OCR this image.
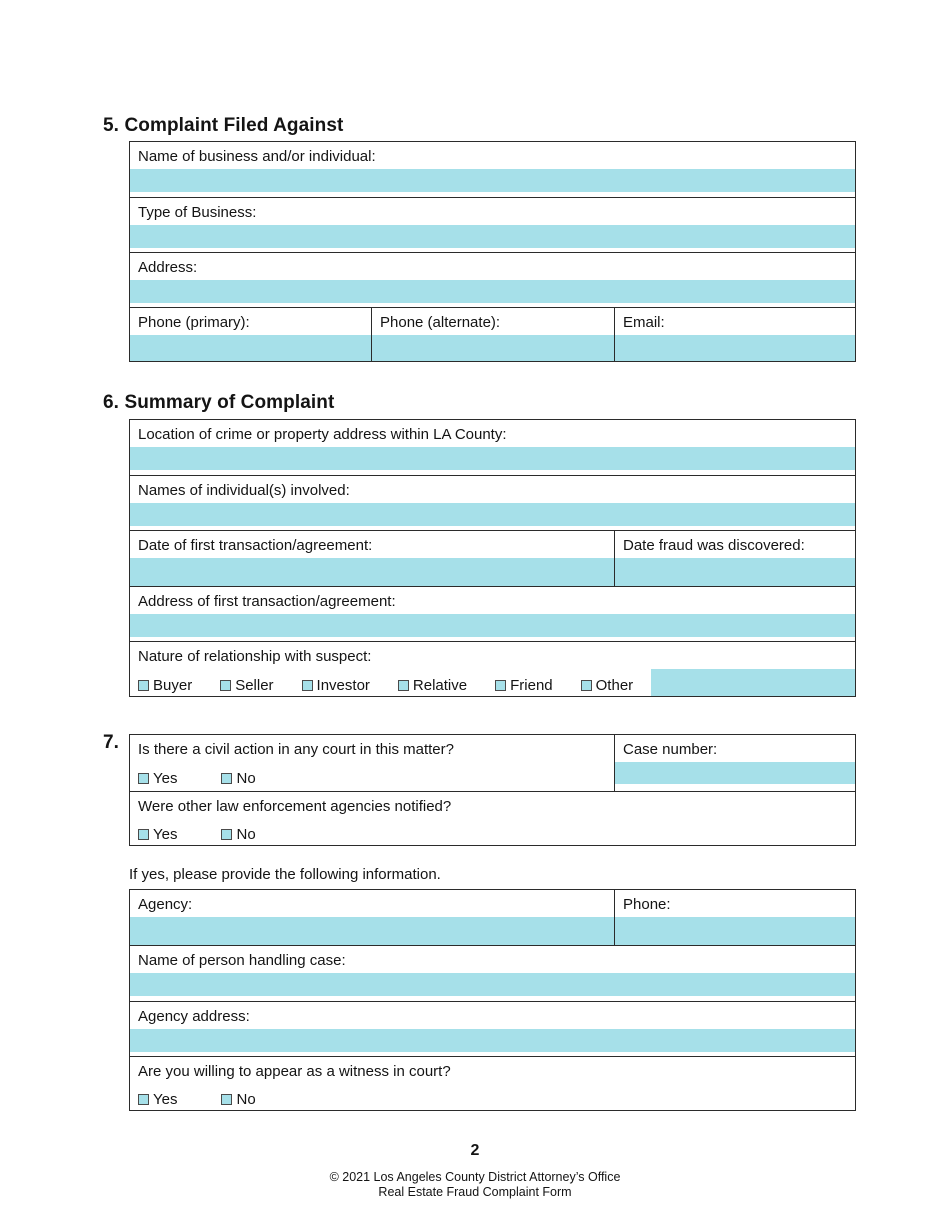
5. Complaint Filed Against
Name of business and/or individual:
Type of Business:
Address:
Phone (primary):	Phone (alternate):	Email:
6. Summary of Complaint
Location of crime or property address within LA County:
Names of individual(s) involved:
Date of first transaction/agreement:	Date fraud was discovered:
Address of first transaction/agreement:
Nature of relationship with suspect:
Buyer	Seller	Investor	Relative	Friend	Other
7.	Is there a civil action in any court in this matter?
Yes	No
Case number:
Were other law enforcement agencies notified?
Yes	No
If yes, please provide the following information.
Agency:	Phone:
Name of person handling case:
Agency address:
Are you willing to appear as a witness in court?
Yes	No
2
© 2021 Los Angeles County District Attorney’s Office
Real Estate Fraud Complaint Form
